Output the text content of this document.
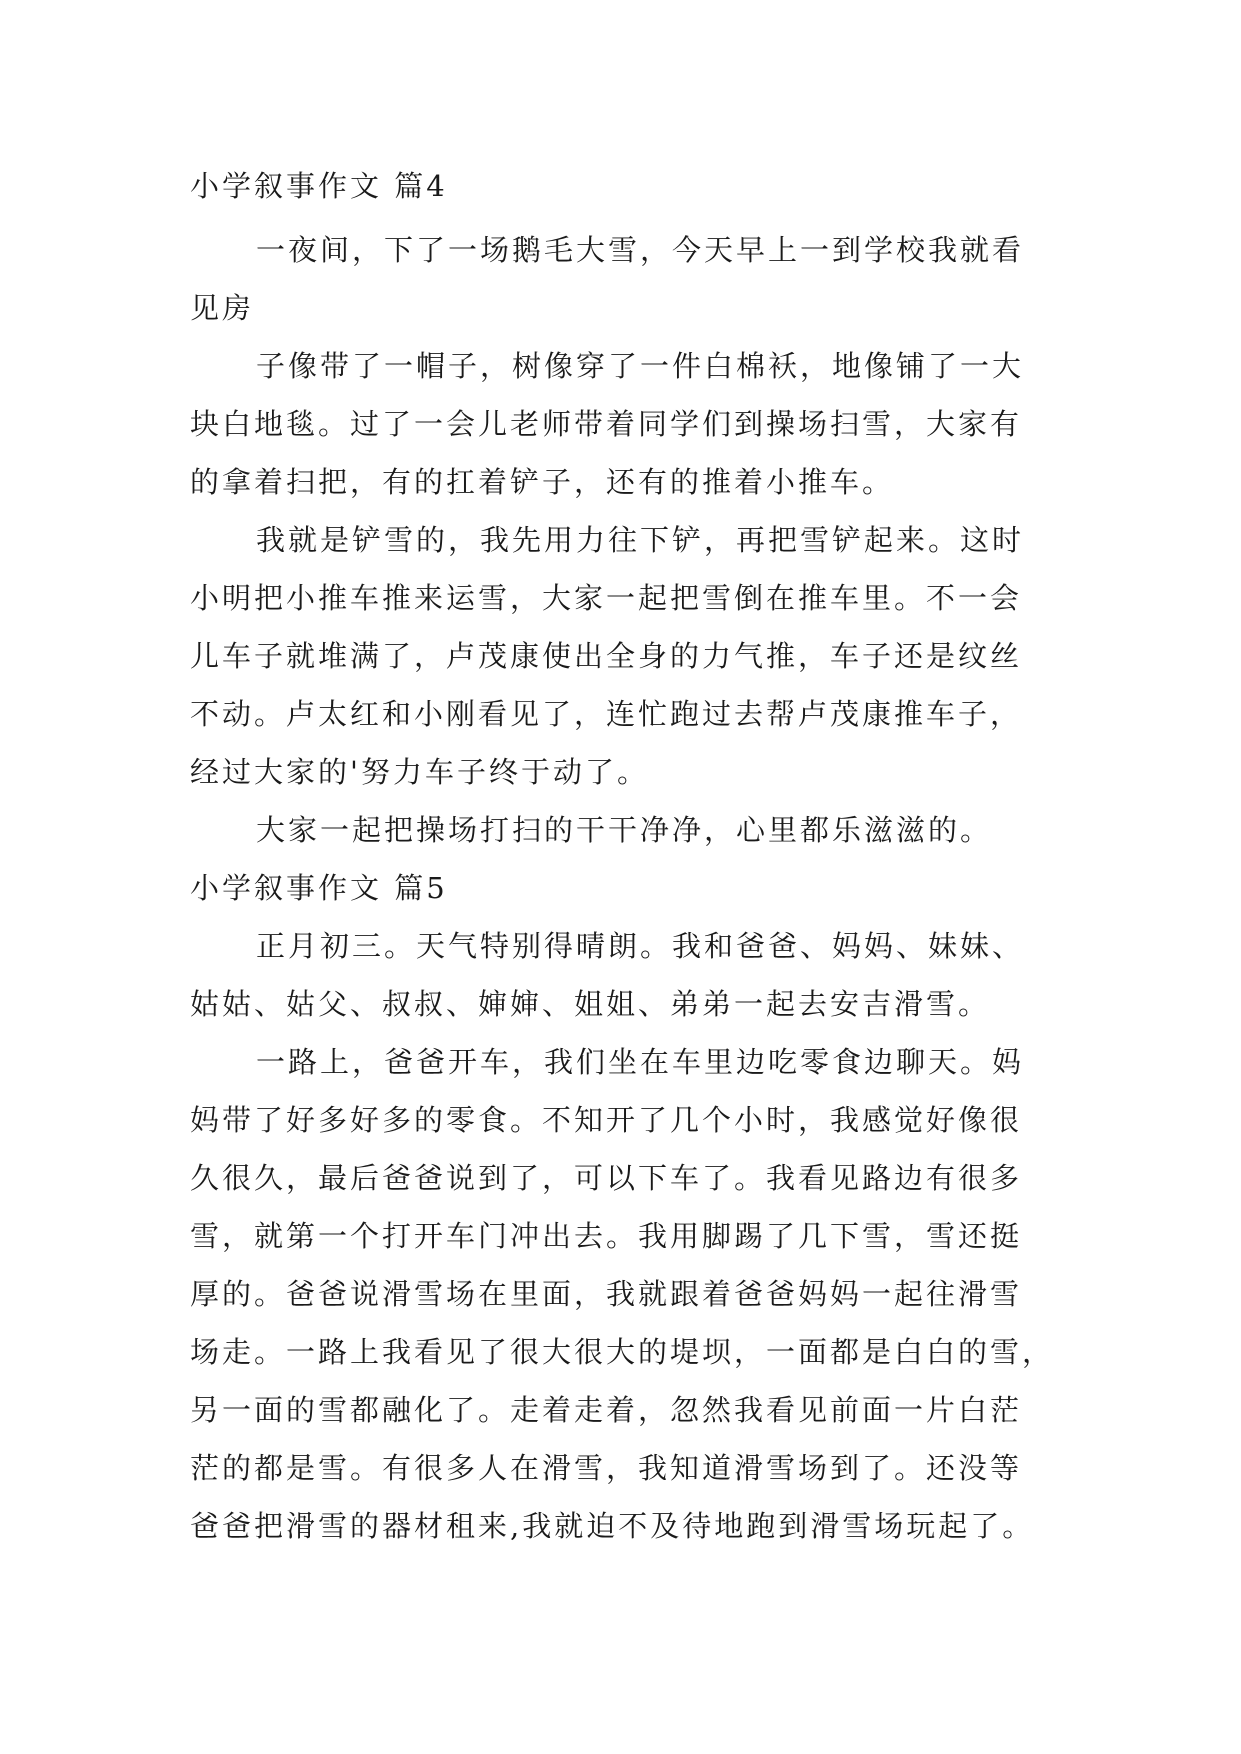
小学叙事作文 篇4
一夜间，下了一场鹅毛大雪，今天早上一到学校我就看
见房
子像带了一帽子，树像穿了一件白棉袄，地像铺了一大
块白地毯。过了一会儿老师带着同学们到操场扫雪，大家有
的拿着扫把，有的扛着铲子，还有的推着小推车。
我就是铲雪的，我先用力往下铲，再把雪铲起来。这时
小明把小推车推来运雪，大家一起把雪倒在推车里。不一会
儿车子就堆满了，卢茂康使出全身的力气推，车子还是纹丝
不动。卢太红和小刚看见了，连忙跑过去帮卢茂康推车子，
经过大家的'努力车子终于动了。
大家一起把操场打扫的干干净净，心里都乐滋滋的。
小学叙事作文 篇5
正月初三。天气特别得晴朗。我和爸爸、妈妈、妹妹、
姑姑、姑父、叔叔、婶婶、姐姐、弟弟一起去安吉滑雪。
一路上，爸爸开车，我们坐在车里边吃零食边聊天。妈
妈带了好多好多的零食。不知开了几个小时，我感觉好像很
久很久，最后爸爸说到了，可以下车了。我看见路边有很多
雪，就第一个打开车门冲出去。我用脚踢了几下雪，雪还挺
厚的。爸爸说滑雪场在里面，我就跟着爸爸妈妈一起往滑雪
场走。一路上我看见了很大很大的堤坝，一面都是白白的雪，
另一面的雪都融化了。走着走着，忽然我看见前面一片白茫
茫的都是雪。有很多人在滑雪，我知道滑雪场到了。还没等
爸爸把滑雪的器材租来,我就迫不及待地跑到滑雪场玩起了。
